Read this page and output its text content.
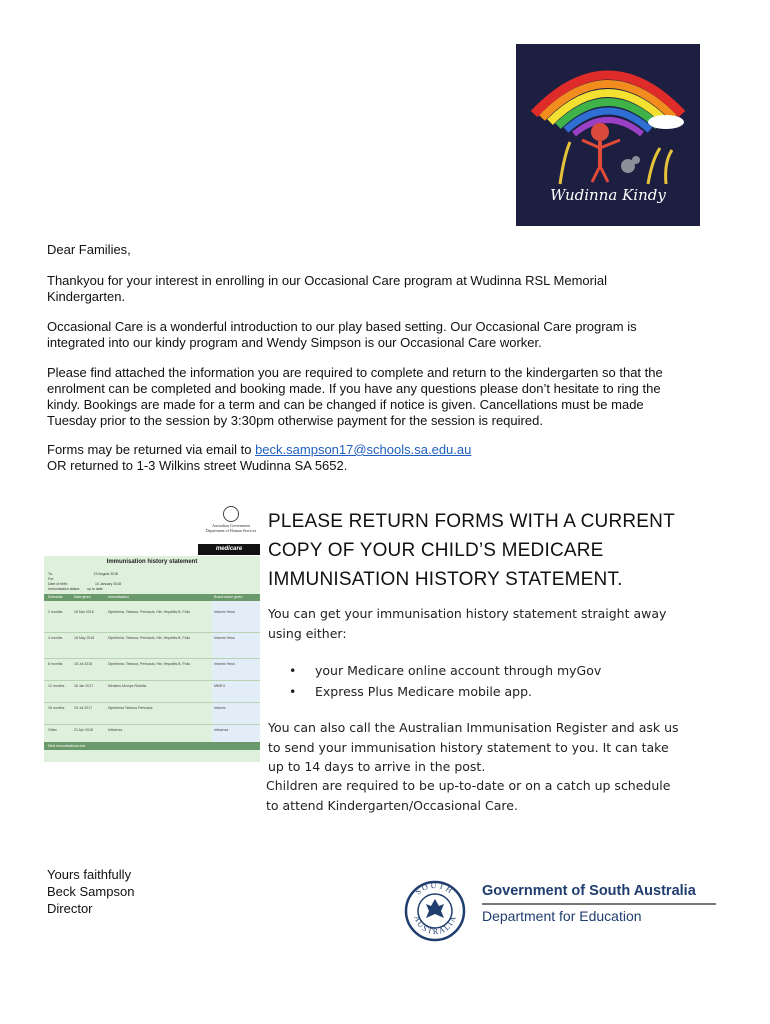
Wudinna Kindy
Dear Families,
Thankyou for your interest in enrolling in our Occasional Care program at Wudinna RSL Memorial
Kindergarten.
Occasional Care is a wonderful introduction to our play based setting. Our Occasional Care program is
integrated into our kindy program and Wendy Simpson is our Occasional Care worker.
Please find attached the information you are required to complete and return to the kindergarten so that the
enrolment can be completed and booking made. If you have any questions please don’t hesitate to ring the
kindy. Bookings are made for a term and can be changed if notice is given. Cancellations must be made
Tuesday prior to the session by 3:30pm otherwise payment for the session is required.
Forms may be returned via email to beck.sampson17@schools.sa.edu.au
OR returned to 1-3 Wilkins street Wudinna SA 5652.
Australian Government
Department of Human Services
medicare
Immunisation history statement
To:	23 August 2018
For:
Date of birth:	10 January 2018
Immunisation status: up to date
Schedule	Date given	Immunisation	Brand name given
2 months	18 Mar 2018	Diphtheria, Tetanus, Pertussis, Hib, Hepatitis B, Polio	Infanrix Hexa
4 months	18 May 2018	Diphtheria, Tetanus, Pertussis, Hib, Hepatitis B, Polio	Infanrix Hexa
6 months	18 Jul 2018	Diphtheria, Tetanus, Pertussis, Hib, Hepatitis B, Polio	Infanrix Hexa
12 months	18 Jan 2017	Measles Mumps Rubella	MMR II
18 months	29 Jul 2017	Diphtheria Tetanus Pertussis	Infanrix
Other	21 Apr 2018	Influenza	Influenza
Next immunisations due
PLEASE RETURN FORMS WITH A CURRENT
COPY OF YOUR CHILD’S MEDICARE
IMMUNISATION HISTORY STATEMENT.
You can get your immunisation history statement straight away
using either:
• your Medicare online account through myGov
• Express Plus Medicare mobile app.
You can also call the Australian Immunisation Register and ask us
to send your immunisation history statement to you. It can take
up to 14 days to arrive in the post.
Children are required to be up-to-date or on a catch up schedule
to attend Kindergarten/Occasional Care.
Yours faithfully
Beck Sampson
Director
SOUTH
AUSTRALIA
Government of South Australia
Department for Education
